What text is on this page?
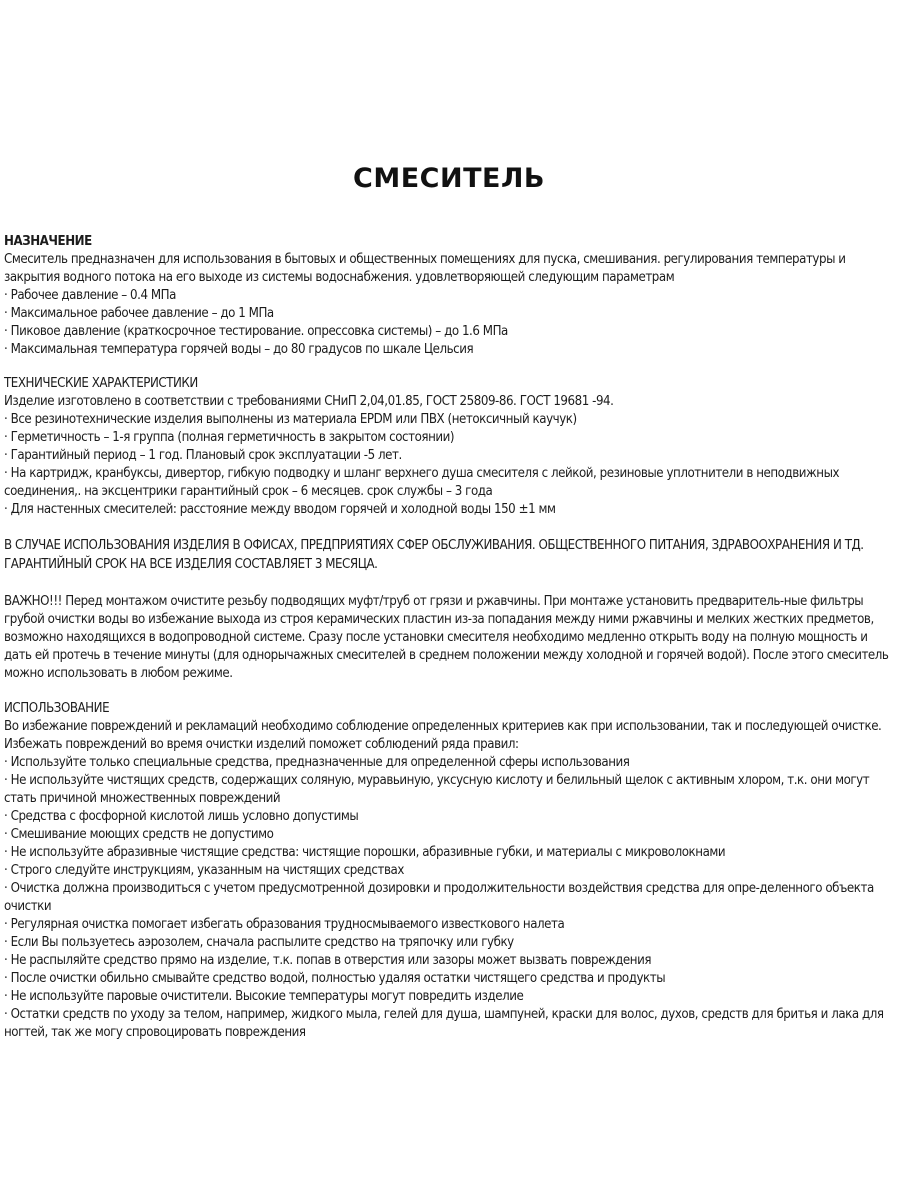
СМЕСИТЕЛЬ

НАЗНАЧЕНИЕ

Смеситель предназначен для использования в бытовых и общественных помещениях для пуска, смешивания. регулирования температуры и закрытия водного потока на его выходе из системы водоснабжения. удовлетворяющей следующим параметрам

· Рабочее давление – 0.4 МПа
· Максимальное рабочее давление – до 1 МПа
· Пиковое давление (краткосрочное тестирование. опрессовка системы) – до 1.6 МПа
· Максимальная температура горячей воды – до 80 градусов по шкале Цельсия

ТЕХНИЧЕСКИЕ ХАРАКТЕРИСТИКИ

Изделие изготовлено в соответствии с требованиями СНиП 2,04,01.85, ГОСТ 25809-86. ГОСТ 19681 -94.

· Все резинотехнические изделия выполнены из материала EPDM или ПВХ (нетоксичный каучук)
· Герметичность – 1-я группа (полная герметичность в закрытом состоянии)
· Гарантийный период – 1 год. Плановый срок эксплуатации -5 лет.
· На картридж, кранбуксы, дивертор, гибкую подводку и шланг верхнего душа смесителя с лейкой, резиновые уплотнители в неподвижных соединения,. на эксцентрики гарантийный срок – 6 месяцев. срок службы – 3 года
· Для настенных смесителей: расстояние между вводом горячей и холодной воды 150 ±1 мм

В СЛУЧАЕ ИСПОЛЬЗОВАНИЯ ИЗДЕЛИЯ В ОФИСАХ, ПРЕДПРИЯТИЯХ СФЕР ОБСЛУЖИВАНИЯ. ОБЩЕСТВЕННОГО ПИТАНИЯ, ЗДРАВООХРАНЕНИЯ И ТД. ГАРАНТИЙНЫЙ СРОК НА ВСЕ ИЗДЕЛИЯ СОСТАВЛЯЕТ 3 МЕСЯЦА.

ВАЖНО!!! Перед монтажом очистите резьбу подводящих муфт/труб от грязи и ржавчины. При монтаже установить предваритель-ные фильтры грубой очистки воды во избежание выхода из строя керамических пластин из-за попадания между ними ржавчины и мелких жестких предметов, возможно находящихся в водопроводной системе. Сразу после установки смесителя необходимо медленно открыть воду на полную мощность и дать ей протечь в течение минуты (для однорычажных смесителей в среднем положении между холодной и горячей водой). После этого смеситель можно использовать в любом режиме.

ИСПОЛЬЗОВАНИЕ

Во избежание повреждений и рекламаций необходимо соблюдение определенных критериев как при использовании, так и последующей очистке. Избежать повреждений во время очистки изделий поможет соблюдений ряда правил:

· Используйте только специальные средства, предназначенные для определенной сферы использования
· Не используйте чистящих средств, содержащих соляную, муравьиную, уксусную кислоту и белильный щелок с активным хлором, т.к. они могут стать причиной множественных повреждений
· Средства с фосфорной кислотой лишь условно допустимы
· Смешивание моющих средств не допустимо
· Не используйте абразивные чистящие средства: чистящие порошки, абразивные губки, и материалы с микроволокнами
· Строго следуйте инструкциям, указанным на чистящих средствах
· Очистка должна производиться с учетом предусмотренной дозировки и продолжительности воздействия средства для опре-деленного объекта очистки
· Регулярная очистка помогает избегать образования трудносмываемого известкового налета
· Если Вы пользуетесь аэрозолем, сначала распылите средство на тряпочку или губку
· Не распыляйте средство прямо на изделие, т.к. попав в отверстия или зазоры может вызвать повреждения
· После очистки обильно смывайте средство водой, полностью удаляя остатки чистящего средства и продукты
· Не используйте паровые очистители. Высокие температуры могут повредить изделие
· Остатки средств по уходу за телом, например, жидкого мыла, гелей для душа, шампуней, краски для волос, духов, средств для бритья и лака для ногтей, так же могу спровоцировать повреждения
